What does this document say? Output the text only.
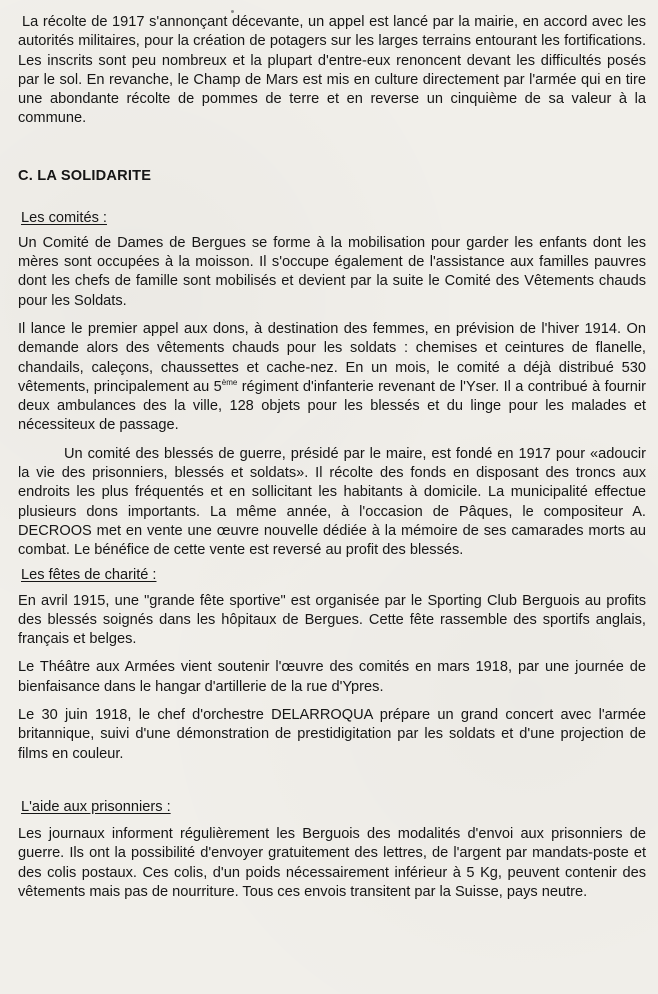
La récolte de 1917 s'annonçant décevante, un appel est lancé par la mairie, en accord avec les autorités militaires, pour la création de potagers sur les larges terrains entourant les fortifications. Les inscrits sont peu nombreux et la plupart d'entre-eux renoncent devant les difficultés posés par le sol. En revanche, le Champ de Mars est mis en culture directement par l'armée qui en tire une abondante récolte de pommes de terre et en reverse un cinquième de sa valeur à la commune.

C. LA SOLIDARITE
Les comités :

Un Comité de Dames de Bergues se forme à la mobilisation pour garder les enfants dont les mères sont occupées à la moisson. Il s'occupe également de l'assistance aux familles pauvres dont les chefs de famille sont mobilisés et devient par la suite le Comité des Vêtements chauds pour les Soldats.

Il lance le premier appel aux dons, à destination des femmes, en prévision de l'hiver 1914. On demande alors des vêtements chauds pour les soldats : chemises et ceintures de flanelle, chandails, caleçons, chaussettes et cache-nez. En un mois, le comité a déjà distribué 530 vêtements, principalement au 5ème régiment d'infanterie revenant de l'Yser. Il a contribué à fournir deux ambulances des la ville, 128 objets pour les blessés et du linge pour les malades et nécessiteux de passage.

Un comité des blessés de guerre, présidé par le maire, est fondé en 1917 pour «adoucir la vie des prisonniers, blessés et soldats». Il récolte des fonds en disposant des troncs aux endroits les plus fréquentés et en sollicitant les habitants à domicile. La municipalité effectue plusieurs dons importants. La même année, à l'occasion de Pâques, le compositeur A. DECROOS met en vente une œuvre nouvelle dédiée à la mémoire de ses camarades morts au combat. Le bénéfice de cette vente est reversé au profit des blessés.

Les fêtes de charité :

En avril 1915, une "grande fête sportive" est organisée par le Sporting Club Berguois au profits des blessés soignés dans les hôpitaux de Bergues. Cette fête rassemble des sportifs anglais, français et belges.

Le Théâtre aux Armées vient soutenir l'œuvre des comités en mars 1918, par une journée de bienfaisance dans le hangar d'artillerie de la rue d'Ypres.

Le 30 juin 1918, le chef d'orchestre DELARROQUA prépare un grand concert avec l'armée britannique, suivi d'une démonstration de prestidigitation par les soldats et d'une projection de films en couleur.

L'aide aux prisonniers :

Les journaux informent régulièrement les Berguois des modalités d'envoi aux prisonniers de guerre. Ils ont la possibilité d'envoyer gratuitement des lettres, de l'argent par mandats-poste et des colis postaux. Ces colis, d'un poids nécessairement inférieur à 5 Kg, peuvent contenir des vêtements mais pas de nourriture. Tous ces envois transitent par la Suisse, pays neutre.
